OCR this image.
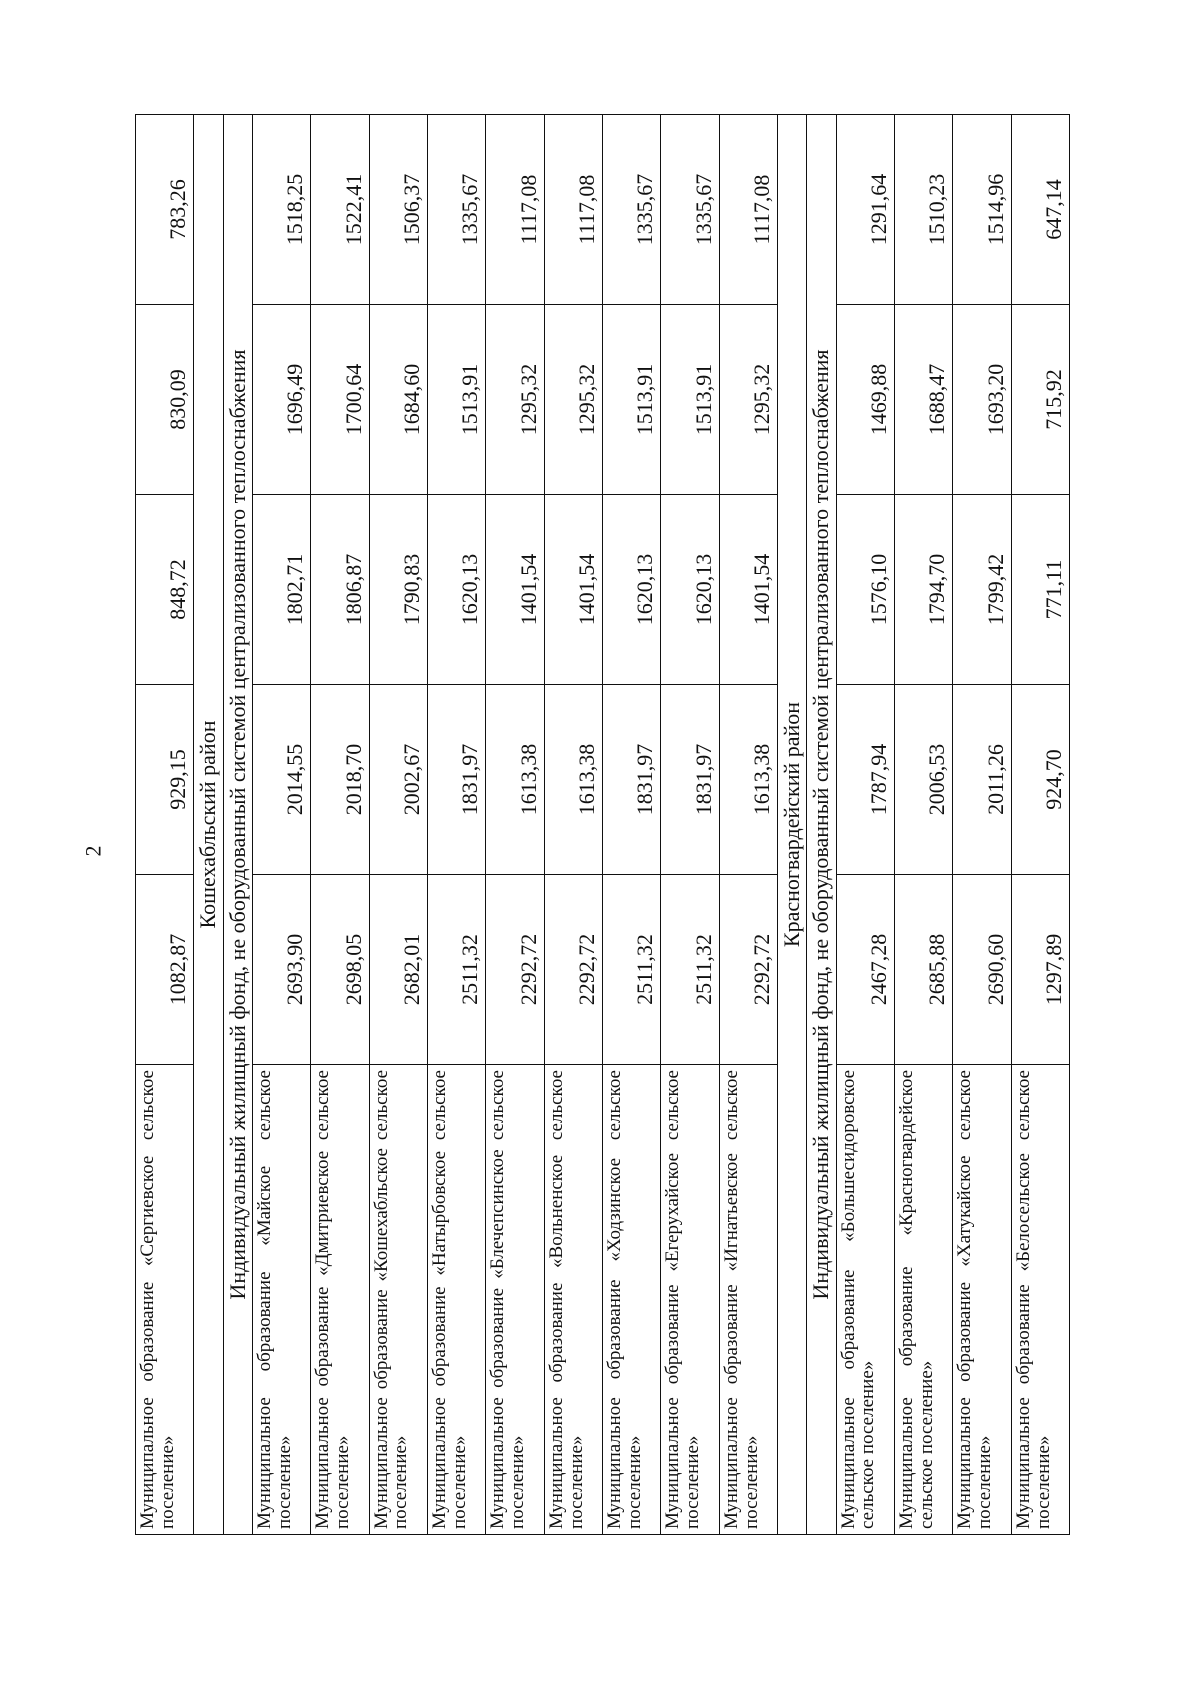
2
Муниципальное образование «Сергиевское сельское поселение»	1082,87	929,15	848,72	830,09	783,26
Кошехабльский район					
Индивидуальный жилищный фонд, не оборудованный системой централизованного теплоснабжения					
Муниципальное образование «Майское сельское поселение»	2693,90	2014,55	1802,71	1696,49	1518,25
Муниципальное образование «Дмитриевское сельское поселение»	2698,05	2018,70	1806,87	1700,64	1522,41
Муниципальное образование «Кошехабльское сельское поселение»	2682,01	2002,67	1790,83	1684,60	1506,37
Муниципальное образование «Натырбовское сельское поселение»	2511,32	1831,97	1620,13	1513,91	1335,67
Муниципальное образование «Блечепсинское сельское поселение»	2292,72	1613,38	1401,54	1295,32	1117,08
Муниципальное образование «Вольненское сельское поселение»	2292,72	1613,38	1401,54	1295,32	1117,08
Муниципальное образование «Ходзинское сельское поселение»	2511,32	1831,97	1620,13	1513,91	1335,67
Муниципальное образование «Егерухайское сельское поселение»	2511,32	1831,97	1620,13	1513,91	1335,67
Муниципальное образование «Игнатьевское сельское поселение»	2292,72	1613,38	1401,54	1295,32	1117,08
Красногвардейский район					
Индивидуальный жилищный фонд, не оборудованный системой централизованного теплоснабжения					
Муниципальное образование «Большесидоровское сельское поселение»	2467,28	1787,94	1576,10	1469,88	1291,64
Муниципальное образование «Красногвардейское сельское поселение»	2685,88	2006,53	1794,70	1688,47	1510,23
Муниципальное образование «Хатукайское сельское поселение»	2690,60	2011,26	1799,42	1693,20	1514,96
Муниципальное образование «Белосельское сельское поселение»	1297,89	924,70	771,11	715,92	647,14
